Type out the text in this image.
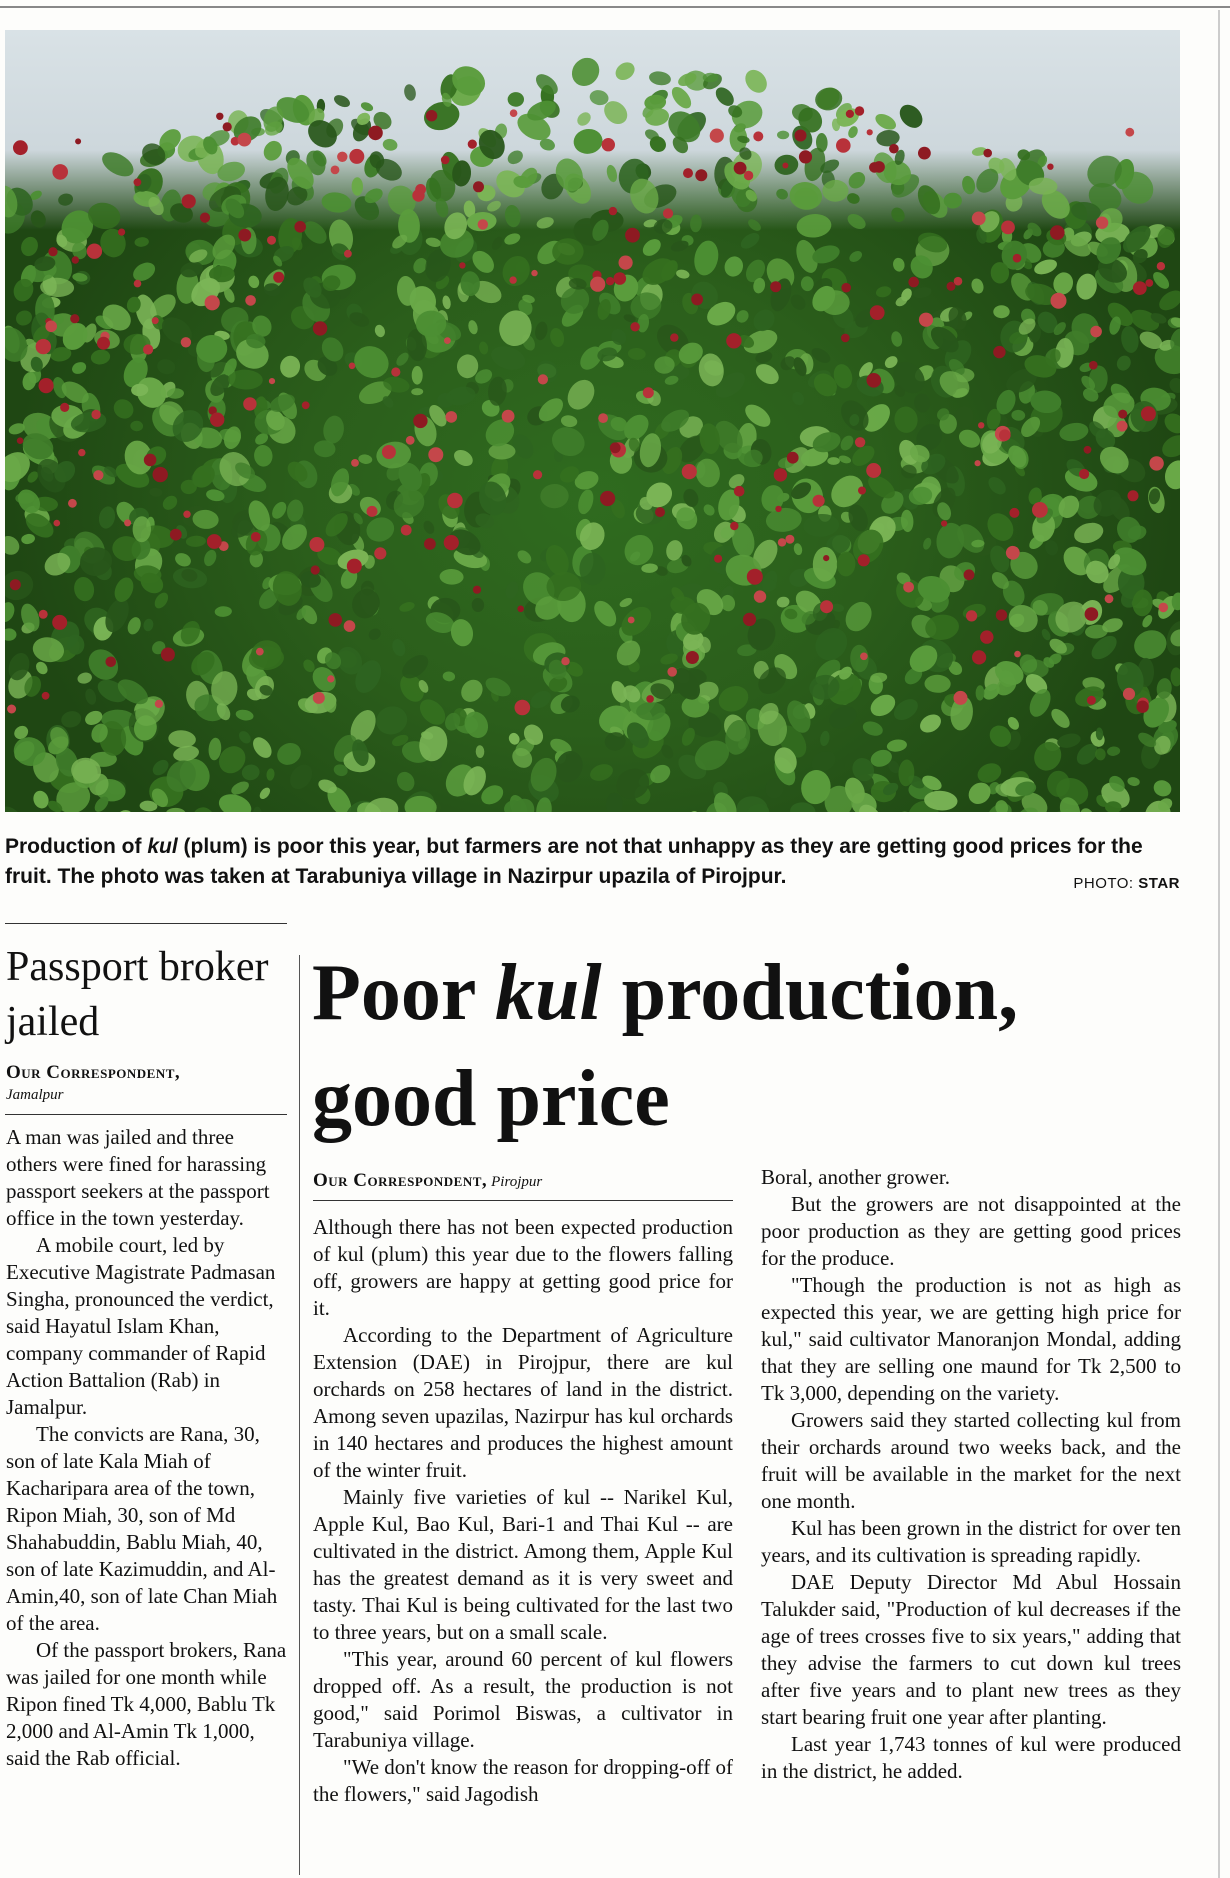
Production of kul (plum) is poor this year, but farmers are not that unhappy as they are getting good prices for the fruit. The photo was taken at Tarabuniya village in Nazirpur upazila of Pirojpur.	PHOTO: STAR
Passport broker jailed
Our Correspondent,
Jamalpur

A man was jailed and three others were fined for harassing passport seekers at the passport office in the town yesterday.

A mobile court, led by Executive Magistrate Padmasan Singha, pronounced the verdict, said Hayatul Islam Khan, company commander of Rapid Action Battalion (Rab) in Jamalpur.

The convicts are Rana, 30, son of late Kala Miah of Kacharipara area of the town, Ripon Miah, 30, son of Md Shahabuddin, Bablu Miah, 40, son of late Kazimuddin, and Al-Amin,40, son of late Chan Miah of the area.

Of the passport brokers, Rana was jailed for one month while Ripon fined Tk 4,000, Bablu Tk 2,000 and Al-Amin Tk 1,000, said the Rab official.

Poor kul production, good price
Our Correspondent, Pirojpur

Although there has not been expected production of kul (plum) this year due to the flowers falling off, growers are happy at getting good price for it.

According to the Department of Agriculture Extension (DAE) in Pirojpur, there are kul orchards on 258 hectares of land in the district. Among seven upazilas, Nazirpur has kul orchards in 140 hectares and produces the highest amount of the winter fruit.

Mainly five varieties of kul -- Narikel Kul, Apple Kul, Bao Kul, Bari-1 and Thai Kul -- are cultivated in the district. Among them, Apple Kul has the greatest demand as it is very sweet and tasty. Thai Kul is being cultivated for the last two to three years, but on a small scale.

"This year, around 60 percent of kul flowers dropped off. As a result, the production is not good," said Porimol Biswas, a cultivator in Tarabuniya village.

"We don't know the reason for dropping-off of the flowers," said Jagodish

Boral, another grower.

But the growers are not disappointed at the poor production as they are getting good prices for the produce.

"Though the production is not as high as expected this year, we are getting high price for kul," said cultivator Manoranjon Mondal, adding that they are selling one maund for Tk 2,500 to Tk 3,000, depending on the variety.

Growers said they started collecting kul from their orchards around two weeks back, and the fruit will be available in the market for the next one month.

Kul has been grown in the district for over ten years, and its cultivation is spreading rapidly.

DAE Deputy Director Md Abul Hossain Talukder said, "Production of kul decreases if the age of trees crosses five to six years," adding that they advise the farmers to cut down kul trees after five years and to plant new trees as they start bearing fruit one year after planting.

Last year 1,743 tonnes of kul were produced in the district, he added.
